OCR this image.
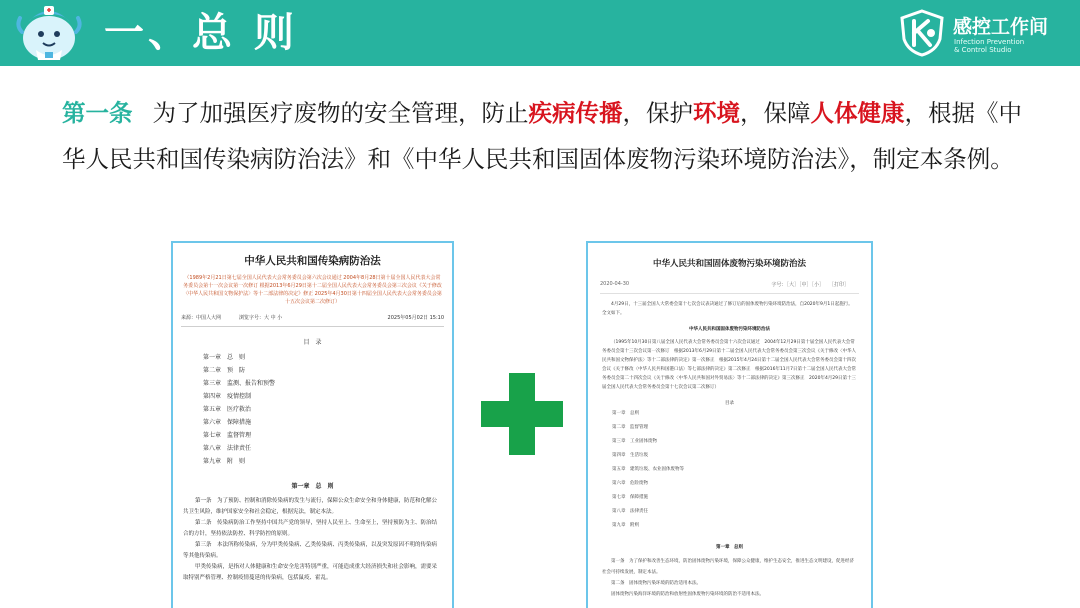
一、总 则	感控工作间
Infection Prevention
& Control Studio
第一条 为了加强医疗废物的安全管理，防止疾病传播，保护环境，保障人体健康，根据《中华人民共和国传染病防治法》和《中华人民共和国固体废物污染环境防治法》，制定本条例。
中华人民共和国传染病防治法
（1989年2月21日第七届全国人民代表大会常务委员会第六次会议通过 2004年8月28日第十届全国人民代表大会常务委员会第十一次会议第一次修订 根据2013年6月29日第十二届全国人民代表大会常务委员会第三次会议《关于修改〈中华人民共和国文物保护法〉等十二部法律的决定》修正 2025年4月30日第十四届全国人民代表大会常务委员会第十五次会议第二次修订）
来源：中国人大网	浏览字号：大 中 小	2025年05月02日 15:10
目　录
第一章　 总　则
第二章　 预　防
第三章　 监测、报告和预警
第四章　 疫情控制
第五章　 医疗救治
第六章　 保障措施
第七章　 监督管理
第八章　 法律责任
第九章　 附　则
第一章　总　则

第一条　为了预防、控制和消除传染病的发生与流行，保障公众生命安全和身体健康，防范和化解公共卫生风险，维护国家安全和社会稳定，根据宪法，制定本法。

第二条　传染病防治工作坚持中国共产党的领导，坚持人民至上、生命至上，坚持预防为主、防治结合的方针，坚持依法防控、科学防控的原则。

第三条　本法所称传染病，分为甲类传染病、乙类传染病、丙类传染病，以及突发原因不明的传染病等其他传染病。

甲类传染病，是指对人体健康和生命安全危害特别严重，可能造成重大经济损失和社会影响，需要采取特别严格管理、控制疫情蔓延的传染病，包括鼠疫、霍乱。

中华人民共和国固体废物污染环境防治法
2020-04-30	字号：［大］［中］［小］　　［打印］
4月29日，十三届全国人大常委会第十七次会议表决通过了修订后的固体废物污染环境防治法，自2020年9月1日起施行。全文如下。
中华人民共和国固体废物污染环境防治法
（1995年10月30日第八届全国人民代表大会常务委员会第十六次会议通过　2004年12月29日第十届全国人民代表大会常务委员会第十三次会议第一次修订　根据2013年6月29日第十二届全国人民代表大会常务委员会第三次会议《关于修改〈中华人民共和国文物保护法〉等十二部法律的决定》第一次修正　根据2015年4月24日第十二届全国人民代表大会常务委员会第十四次会议《关于修改〈中华人民共和国港口法〉等七部法律的决定》第二次修正　根据2016年11月7日第十二届全国人民代表大会常务委员会第二十四次会议《关于修改〈中华人民共和国对外贸易法〉等十二部法律的决定》第三次修正　2020年4月29日第十三届全国人民代表大会常务委员会第十七次会议第二次修订）
目录
第一章　 总则
第二章　 监督管理
第三章　 工业固体废物
第四章　 生活垃圾
第五章　 建筑垃圾、农业固体废物等
第六章　 危险废物
第七章　 保障措施
第八章　 法律责任
第九章　 附则
第一章　总则

第一条　为了保护和改善生态环境，防治固体废物污染环境，保障公众健康，维护生态安全，推进生态文明建设，促进经济社会可持续发展，制定本法。

第二条　固体废物污染环境的防治适用本法。

固体废物污染海洋环境的防治和放射性固体废物污染环境的防治不适用本法。
